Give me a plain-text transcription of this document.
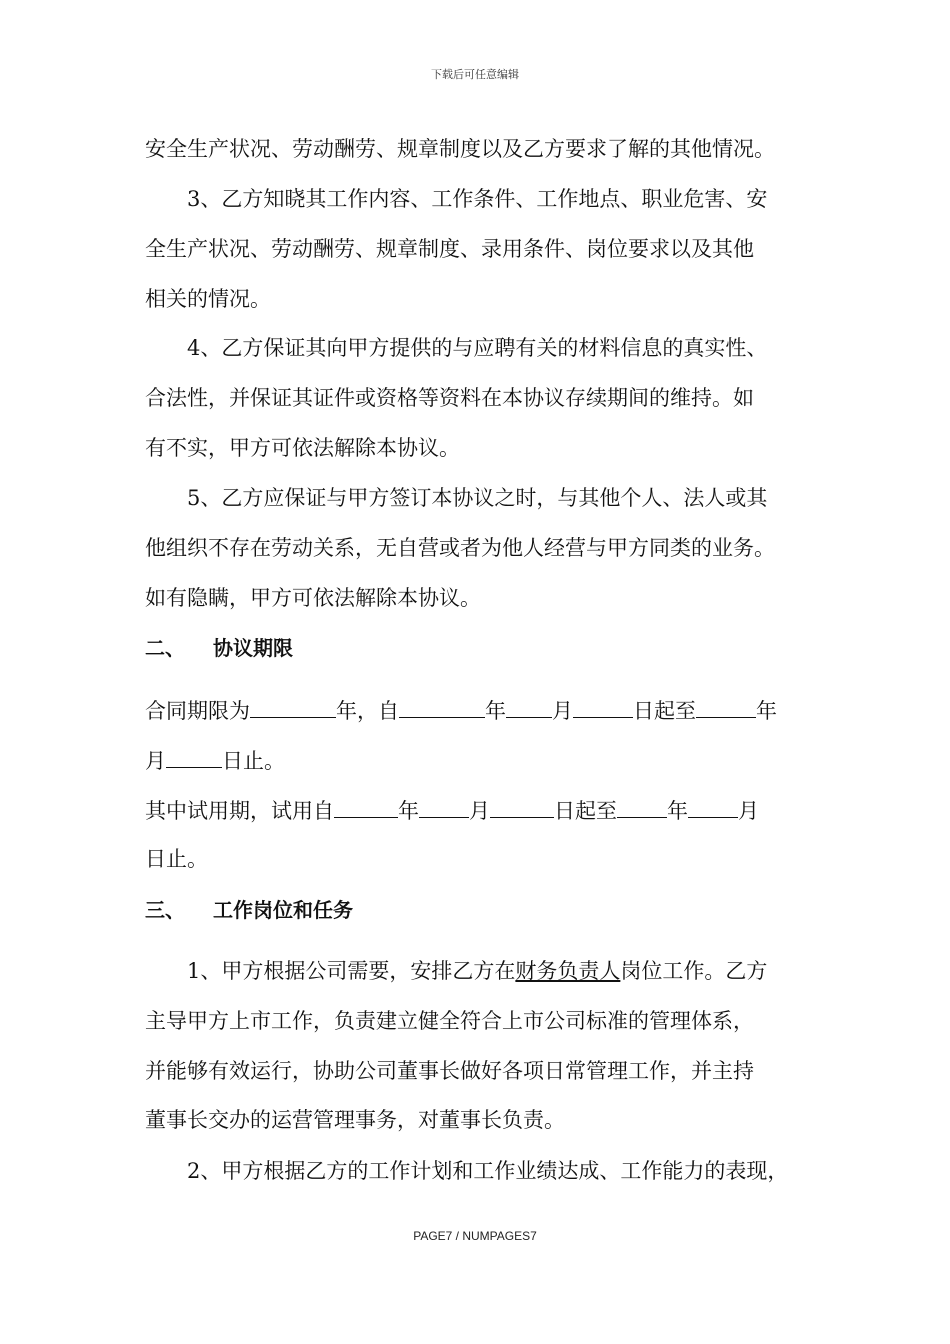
下载后可任意编辑
安全生产状况、劳动酬劳、规章制度以及乙方要求了解的其他情况。
3、乙方知晓其工作内容、工作条件、工作地点、职业危害、安
全生产状况、劳动酬劳、规章制度、录用条件、岗位要求以及其他
相关的情况。
4、乙方保证其向甲方提供的与应聘有关的材料信息的真实性、
合法性，并保证其证件或资格等资料在本协议存续期间的维持。如
有不实，甲方可依法解除本协议。
5、乙方应保证与甲方签订本协议之时，与其他个人、法人或其
他组织不存在劳动关系，无自营或者为他人经营与甲方同类的业务。
如有隐瞒，甲方可依法解除本协议。
二、 协议期限
合同期限为	年，自	年 月	日起至	年
月	日止。
其中试用期，试用自	年 月	日起至 年 月
日止。
三、 工作岗位和任务
1、甲方根据公司需要，安排乙方在财务负责人岗位工作。乙方
主导甲方上市工作，负责建立健全符合上市公司标准的管理体系，
并能够有效运行，协助公司董事长做好各项日常管理工作，并主持
董事长交办的运营管理事务，对董事长负责。
2、甲方根据乙方的工作计划和工作业绩达成、工作能力的表现，
PAGE7 / NUMPAGES7
